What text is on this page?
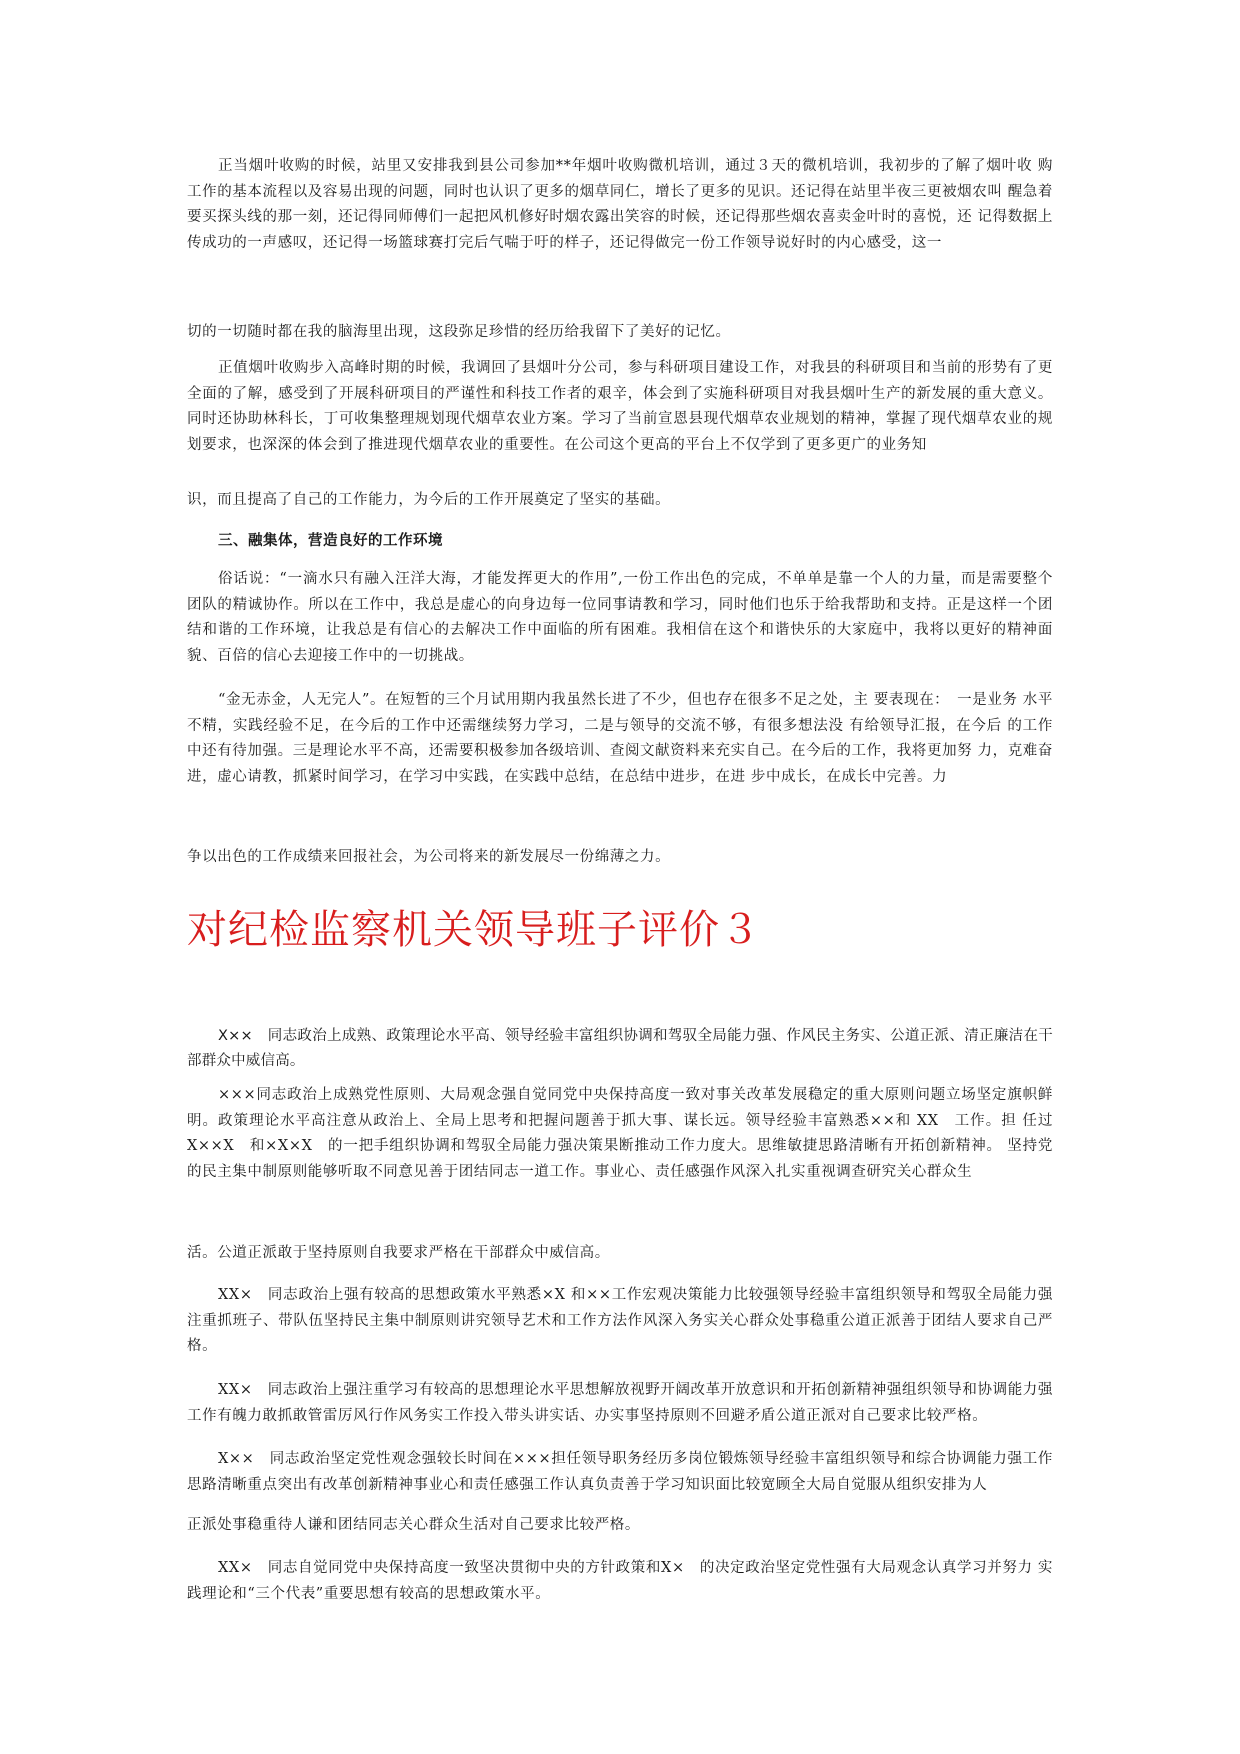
正当烟叶收购的时候，站里又安排我到县公司参加**年烟叶收购微机培训，通过３天的微机培训，我初步的了解了烟叶收 购工作的基本流程以及容易出现的问题，同时也认识了更多的烟草同仁，增长了更多的见识。还记得在站里半夜三更被烟农叫 醒急着要买探头线的那一刻，还记得同师傅们一起把风机修好时烟农露出笑容的时候，还记得那些烟农喜卖金叶时的喜悦，还 记得数据上传成功的一声感叹，还记得一场篮球赛打完后气喘于吁的样子，还记得做完一份工作领导说好时的内心感受，这一

切的一切随时都在我的脑海里出现，这段弥足珍惜的经历给我留下了美好的记忆。

正值烟叶收购步入高峰时期的时候，我调回了县烟叶分公司，参与科研项目建设工作，对我县的科研项目和当前的形势有了更全面的了解，感受到了开展科研项目的严谨性和科技工作者的艰辛，体会到了实施科研项目对我县烟叶生产的新发展的重大意义。同时还协助林科长，丁可收集整理规划现代烟草农业方案。学习了当前宣恩县现代烟草农业规划的精神，掌握了现代烟草农业的规划要求，也深深的体会到了推进现代烟草农业的重要性。在公司这个更高的平台上不仅学到了更多更广的业务知

识，而且提高了自己的工作能力，为今后的工作开展奠定了坚实的基础。

三、融集体，营造良好的工作环境

俗话说：“一滴水只有融入汪洋大海，才能发挥更大的作用”,一份工作出色的完成，不单单是靠一个人的力量，而是需要整个团队的精诚协作。所以在工作中，我总是虚心的向身边每一位同事请教和学习，同时他们也乐于给我帮助和支持。正是这样一个团结和谐的工作环境，让我总是有信心的去解决工作中面临的所有困难。我相信在这个和谐快乐的大家庭中，我将以更好的精神面貌、百倍的信心去迎接工作中的一切挑战。

“金无赤金，人无完人”。在短暂的三个月试用期内我虽然长进了不少，但也存在很多不足之处，主 要表现在：　一是业务 水平不精，实践经验不足，在今后的工作中还需继续努力学习，二是与领导的交流不够，有很多想法没 有给领导汇报，在今后 的工作中还有待加强。三是理论水平不高，还需要积极参加各级培训、查阅文献资料来充实自己。在今后的工作，我将更加努 力，克难奋进，虚心请教，抓紧时间学习，在学习中实践，在实践中总结，在总结中进步，在进 步中成长，在成长中完善。力

争以出色的工作成绩来回报社会，为公司将来的新发展尽一份绵薄之力。

对纪检监察机关领导班子评价３

X××　同志政治上成熟、政策理论水平高、领导经验丰富组织协调和驾驭全局能力强、作风民主务实、公道正派、清正廉洁在干部群众中威信高。

×××同志政治上成熟党性原则、大局观念强自觉同党中央保持高度一致对事关改革发展稳定的重大原则问题立场坚定旗帜鲜明。政策理论水平高注意从政治上、全局上思考和把握问题善于抓大事、谋长远。领导经验丰富熟悉××和 XX　工作。担 任过X××X　和×X×X　的一把手组织协调和驾驭全局能力强决策果断推动工作力度大。思维敏捷思路清晰有开拓创新精神。 坚持党的民主集中制原则能够听取不同意见善于团结同志一道工作。事业心、责任感强作风深入扎实重视调查研究关心群众生

活。公道正派敢于坚持原则自我要求严格在干部群众中威信高。

XX×　同志政治上强有较高的思想政策水平熟悉×X 和××工作宏观决策能力比较强领导经验丰富组织领导和驾驭全局能力强注重抓班子、带队伍坚持民主集中制原则讲究领导艺术和工作方法作风深入务实关心群众处事稳重公道正派善于团结人要求自己严格。

XX×　同志政治上强注重学习有较高的思想理论水平思想解放视野开阔改革开放意识和开拓创新精神强组织领导和协调能力强工作有魄力敢抓敢管雷厉风行作风务实工作投入带头讲实话、办实事坚持原则不回避矛盾公道正派对自己要求比较严格。

X××　同志政治坚定党性观念强较长时间在×××担任领导职务经历多岗位锻炼领导经验丰富组织领导和综合协调能力强工作思路清晰重点突出有改革创新精神事业心和责任感强工作认真负责善于学习知识面比较宽顾全大局自觉服从组织安排为人

正派处事稳重待人谦和团结同志关心群众生活对自己要求比较严格。

XX×　同志自觉同党中央保持高度一致坚决贯彻中央的方针政策和X×　的决定政治坚定党性强有大局观念认真学习并努力 实践理论和“三个代表”重要思想有较高的思想政策水平。
